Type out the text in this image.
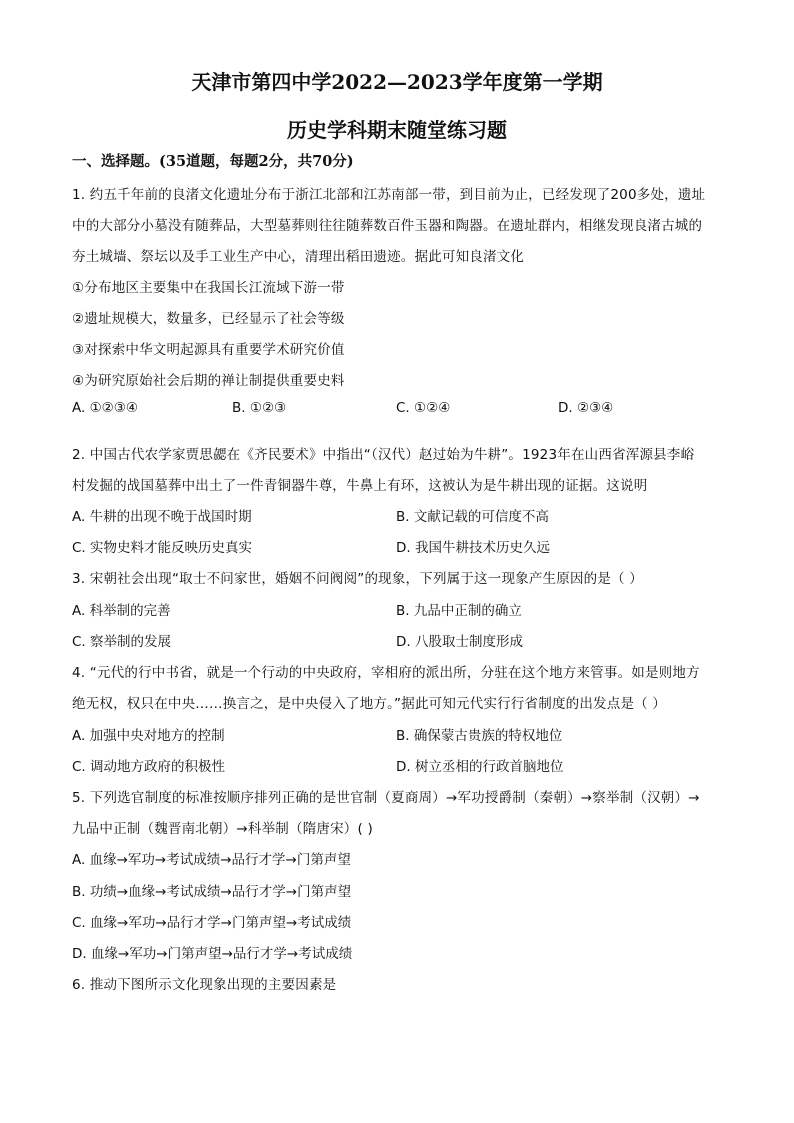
天津市第四中学2022—2023学年度第一学期
历史学科期末随堂练习题
一、选择题。(35道题，每题2分，共70分)
1. 约五千年前的良渚文化遗址分布于浙江北部和江苏南部一带，到目前为止，已经发现了200多处，遗址
中的大部分小墓没有随葬品，大型墓葬则往往随葬数百件玉器和陶器。在遗址群内，相继发现良渚古城的
夯土城墙、祭坛以及手工业生产中心，清理出稻田遗迹。据此可知良渚文化
①分布地区主要集中在我国长江流域下游一带
②遗址规模大，数量多，已经显示了社会等级
③对探索中华文明起源具有重要学术研究价值
④为研究原始社会后期的禅让制提供重要史料
A. ①②③④	B. ①②③	C. ①②④	D. ②③④
2. 中国古代农学家贾思勰在《齐民要术》中指出“（汉代）赵过始为牛耕”。1923年在山西省浑源县李峪
村发掘的战国墓葬中出土了一件青铜器牛尊，牛鼻上有环，这被认为是牛耕出现的证据。这说明
A. 牛耕的出现不晚于战国时期	B. 文献记载的可信度不高
C. 实物史料才能反映历史真实	D. 我国牛耕技术历史久远
3. 宋朝社会出现“取士不问家世，婚姻不问阀阅”的现象，下列属于这一现象产生原因的是（ ）
A. 科举制的完善	B. 九品中正制的确立
C. 察举制的发展	D. 八股取士制度形成
4. “元代的行中书省，就是一个行动的中央政府，宰相府的派出所，分驻在这个地方来管事。如是则地方
绝无权，权只在中央……换言之，是中央侵入了地方。”据此可知元代实行行省制度的出发点是（ ）
A. 加强中央对地方的控制	B. 确保蒙古贵族的特权地位
C. 调动地方政府的积极性	D. 树立丞相的行政首脑地位
5. 下列选官制度的标准按顺序排列正确的是世官制（夏商周）→军功授爵制（秦朝）→察举制（汉朝）→
九品中正制（魏晋南北朝）→科举制（隋唐宋）( )
A. 血缘→军功→考试成绩→品行才学→门第声望
B. 功绩→血缘→考试成绩→品行才学→门第声望
C. 血缘→军功→品行才学→门第声望→考试成绩
D. 血缘→军功→门第声望→品行才学→考试成绩
6. 推动下图所示文化现象出现的主要因素是
